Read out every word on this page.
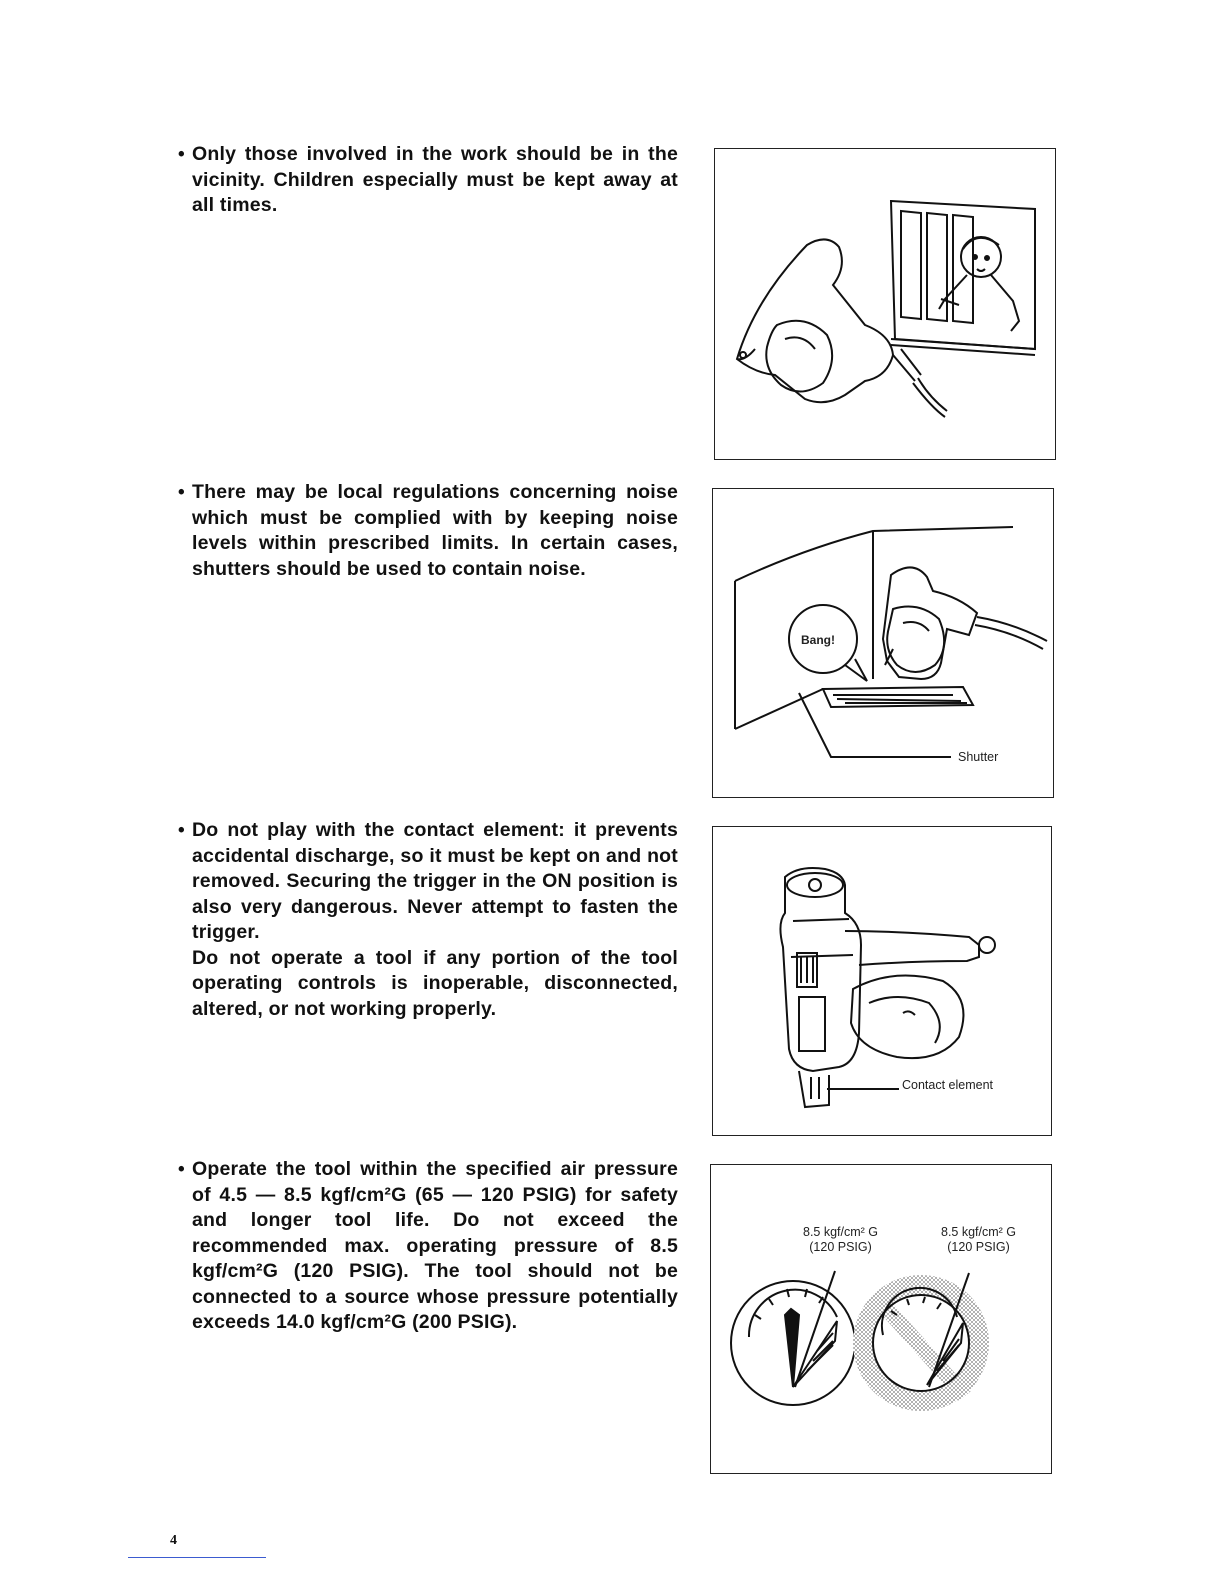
• Only those involved in the work should be in the vicinity. Children especially must be kept away at all times.

• There may be local regulations concerning noise which must be complied with by keeping noise levels within prescribed limits. In certain cases, shutters should be used to contain noise.

Bang!
Shutter

• Do not play with the contact element: it prevents accidental discharge, so it must be kept on and not removed. Securing the trigger in the ON position is also very dangerous. Never attempt to fasten the trigger.

Do not operate a tool if any portion of the tool operating controls is inoperable, disconnected, altered, or not working properly.

Contact element

• Operate the tool within the specified air pressure of 4.5 — 8.5 kgf/cm²G (65 — 120 PSIG) for safety and longer tool life. Do not exceed the recommended max. operating pressure of 8.5 kgf/cm²G (120 PSIG). The tool should not be connected to a source whose pressure potentially exceeds 14.0 kgf/cm²G (200 PSIG).

8.5 kgf/cm² G
(120 PSIG)
8.5 kgf/cm² G
(120 PSIG)
4
